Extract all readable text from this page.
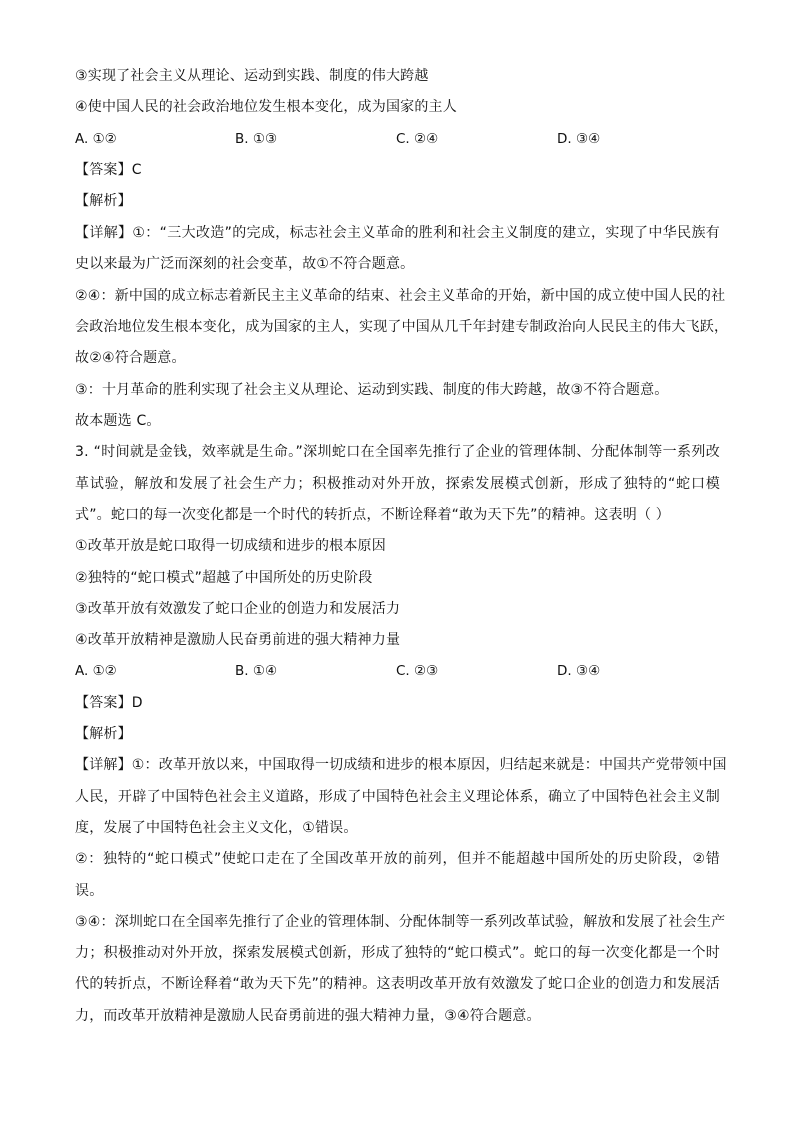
③实现了社会主义从理论、运动到实践、制度的伟大跨越
④使中国人民的社会政治地位发生根本变化，成为国家的主人
A. ①②	B. ①③	C. ②④	D. ③④
【答案】C
【解析】
【详解】①：“三大改造”的完成，标志社会主义革命的胜利和社会主义制度的建立，实现了中华民族有
史以来最为广泛而深刻的社会变革，故①不符合题意。
②④：新中国的成立标志着新民主主义革命的结束、社会主义革命的开始，新中国的成立使中国人民的社
会政治地位发生根本变化，成为国家的主人，实现了中国从几千年封建专制政治向人民民主的伟大飞跃，
故②④符合题意。
③：十月革命的胜利实现了社会主义从理论、运动到实践、制度的伟大跨越，故③不符合题意。
故本题选 C。
3. “时间就是金钱，效率就是生命。”深圳蛇口在全国率先推行了企业的管理体制、分配体制等一系列改
革试验，解放和发展了社会生产力；积极推动对外开放，探索发展模式创新，形成了独特的“蛇口模
式”。蛇口的每一次变化都是一个时代的转折点，不断诠释着“敢为天下先”的精神。这表明（ ）
①改革开放是蛇口取得一切成绩和进步的根本原因
②独特的“蛇口模式”超越了中国所处的历史阶段
③改革开放有效激发了蛇口企业的创造力和发展活力
④改革开放精神是激励人民奋勇前进的强大精神力量
A. ①②	B. ①④	C. ②③	D. ③④
【答案】D
【解析】
【详解】①：改革开放以来，中国取得一切成绩和进步的根本原因，归结起来就是：中国共产党带领中国
人民，开辟了中国特色社会主义道路，形成了中国特色社会主义理论体系，确立了中国特色社会主义制
度，发展了中国特色社会主义文化，①错误。
②：独特的“蛇口模式”使蛇口走在了全国改革开放的前列，但并不能超越中国所处的历史阶段，②错
误。
③④：深圳蛇口在全国率先推行了企业的管理体制、分配体制等一系列改革试验，解放和发展了社会生产
力；积极推动对外开放，探索发展模式创新，形成了独特的“蛇口模式”。蛇口的每一次变化都是一个时
代的转折点，不断诠释着“敢为天下先”的精神。这表明改革开放有效激发了蛇口企业的创造力和发展活
力，而改革开放精神是激励人民奋勇前进的强大精神力量，③④符合题意。
